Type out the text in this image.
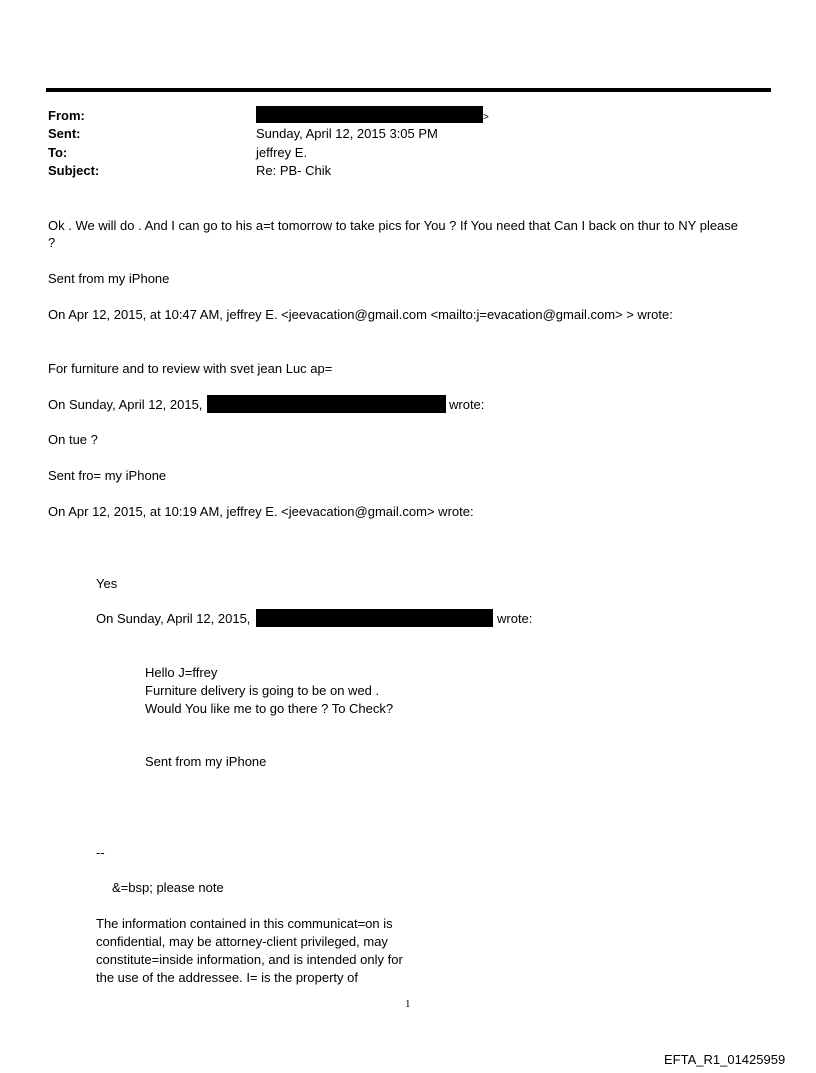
From:	>
Sent:	Sunday, April 12, 2015 3:05 PM
To:	jeffrey E.
Subject:	Re: PB- Chik
Ok . We will do . And I can go to his a=t tomorrow to take pics for You ? If You need that Can I back on thur to NY please
?
Sent from my iPhone
On Apr 12, 2015, at 10:47 AM, jeffrey E. <jeevacation@gmail.com <mailto:j=evacation@gmail.com> > wrote:
For furniture and to review with svet jean Luc ap=
On Sunday, April 12, 2015,	wrote:
On tue ?
Sent fro= my iPhone
On Apr 12, 2015, at 10:19 AM, jeffrey E. <jeevacation@gmail.com> wrote:
Yes
On Sunday, April 12, 2015,	wrote:
Hello J=ffrey
Furniture delivery is going to be on wed .
Would You like me to go there ? To Check?
Sent from my iPhone
--
&=bsp; please note
The information contained in this communicat=on is
confidential, may be attorney-client privileged, may
constitute=inside information, and is intended only for
the use of the addressee. I= is the property of
1
EFTA_R1_01425959
